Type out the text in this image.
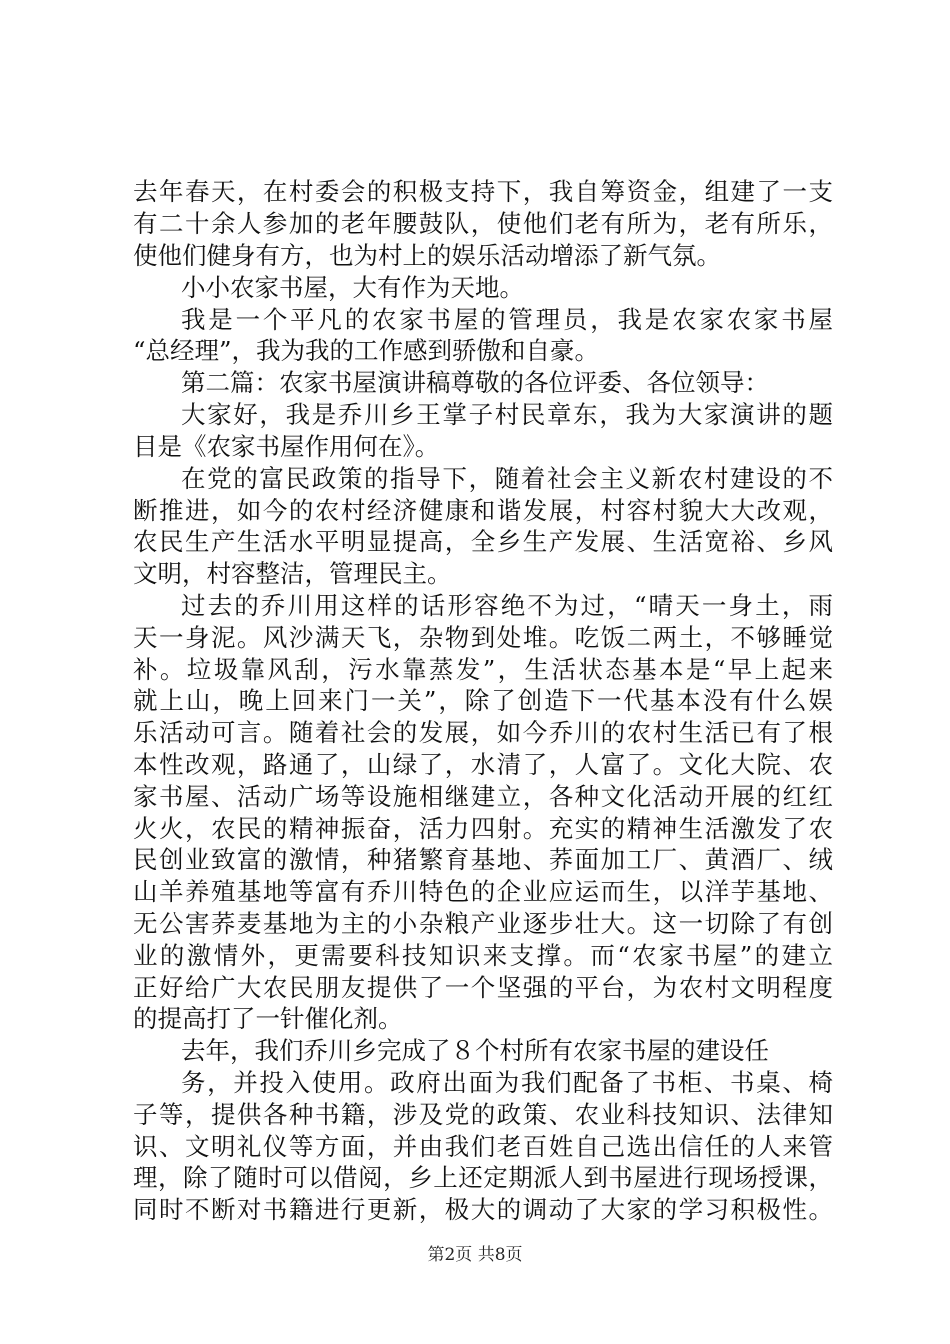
去年春天，在村委会的积极支持下，我自筹资金，组建了一支
有二十余人参加的老年腰鼓队，使他们老有所为，老有所乐，
使他们健身有方，也为村上的娱乐活动增添了新气氛。
小小农家书屋，大有作为天地。
我是一个平凡的农家书屋的管理员，我是农家农家书屋
“总经理”，我为我的工作感到骄傲和自豪。
第二篇：农家书屋演讲稿尊敬的各位评委、各位领导：
大家好，我是乔川乡王掌子村民章东，我为大家演讲的题
目是《农家书屋作用何在》。
在党的富民政策的指导下，随着社会主义新农村建设的不
断推进，如今的农村经济健康和谐发展，村容村貌大大改观，
农民生产生活水平明显提高，全乡生产发展、生活宽裕、乡风
文明，村容整洁，管理民主。
过去的乔川用这样的话形容绝不为过，“晴天一身土，雨
天一身泥。风沙满天飞，杂物到处堆。吃饭二两土，不够睡觉
补。垃圾靠风刮，污水靠蒸发”，生活状态基本是“早上起来
就上山，晚上回来门一关”，除了创造下一代基本没有什么娱
乐活动可言。随着社会的发展，如今乔川的农村生活已有了根
本性改观，路通了，山绿了，水清了，人富了。文化大院、农
家书屋、活动广场等设施相继建立，各种文化活动开展的红红
火火，农民的精神振奋，活力四射。充实的精神生活激发了农
民创业致富的激情，种猪繁育基地、荞面加工厂、黄酒厂、绒
山羊养殖基地等富有乔川特色的企业应运而生，以洋芋基地、
无公害荞麦基地为主的小杂粮产业逐步壮大。这一切除了有创
业的激情外，更需要科技知识来支撑。而“农家书屋”的建立
正好给广大农民朋友提供了一个坚强的平台，为农村文明程度
的提高打了一针催化剂。
去年，我们乔川乡完成了８个村所有农家书屋的建设任
务，并投入使用。政府出面为我们配备了书柜、书桌、椅
子等，提供各种书籍，涉及党的政策、农业科技知识、法律知
识、文明礼仪等方面，并由我们老百姓自己选出信任的人来管
理，除了随时可以借阅，乡上还定期派人到书屋进行现场授课，
同时不断对书籍进行更新，极大的调动了大家的学习积极性。
第2页 共8页
